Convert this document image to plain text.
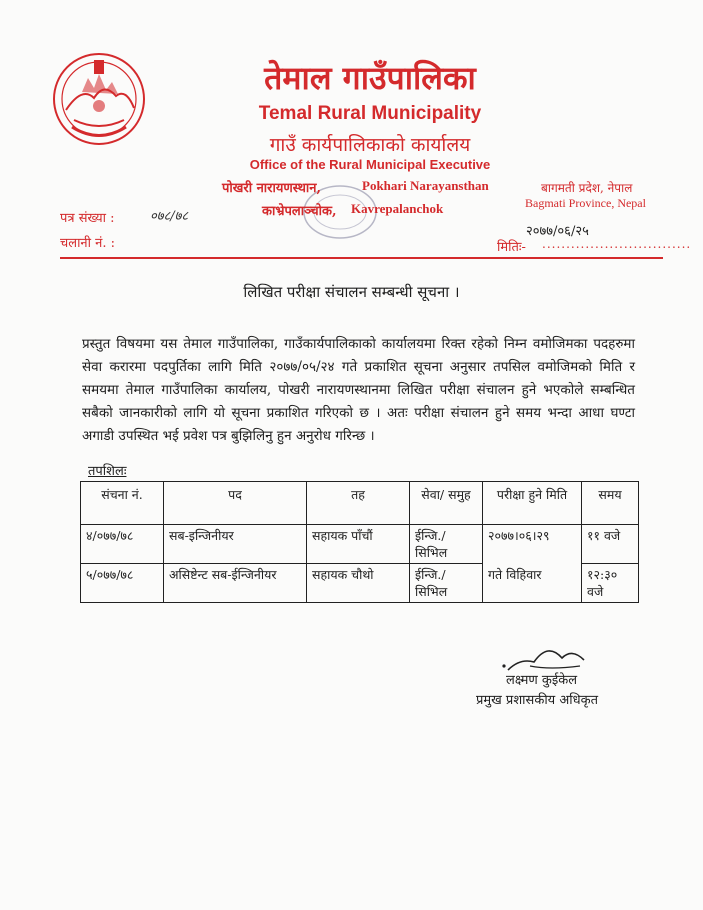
तेमाल गाउँपालिका
Temal Rural Municipality
गाउँ कार्यपालिकाको कार्यालय
Office of the Rural Municipal Executive
पोखरी नारायणस्थान,	Pokhari Narayansthan
काभ्रेपलाञ्चोक, Kavrepalanchok
बागमती प्रदेश, नेपाल
Bagmati Province, Nepal
पत्र संख्या :	०७८/७८
चलानी नं. :
२०७७/०६/२५
मितिः- ...............................
लिखित परीक्षा संचालन सम्बन्धी सूचना ।
प्रस्तुत विषयमा यस तेमाल गाउँपालिका, गाउँकार्यपालिकाको कार्यालयमा रिक्त रहेको निम्न वमोजिमका पदहरुमा सेवा करारमा पदपुर्तिका लागि मिति २०७७/०५/२४ गते प्रकाशित सूचना अनुसार तपसिल वमोजिमको मिति र समयमा तेमाल गाउँपालिका कार्यालय, पोखरी नारायणस्थानमा लिखित परीक्षा संचालन हुने भएकोले सम्बन्धित सबैको जानकारीको लागि यो सूचना प्रकाशित गरिएको छ । अतः परीक्षा संचालन हुने समय भन्दा आधा घण्टा अगाडी उपस्थित भई प्रवेश पत्र बुझिलिनु हुन अनुरोध गरिन्छ ।
तपशिलः
संचना नं.	पद	तह	सेवा/ समुह	परीक्षा हुने मिति	समय
४/०७७/७८	सब-इन्जिनीयर	सहायक पाँचौं	ईन्जि./सिभिल	२०७७।०६।२९	११ वजे
५/०७७/७८	असिष्टेन्ट सब-ईन्जिनीयर	सहायक चौथो	ईन्जि./सिभिल	गते विहिवार	१२:३० वजे
लक्ष्मण कुईकेल
प्रमुख प्रशासकीय अधिकृत
